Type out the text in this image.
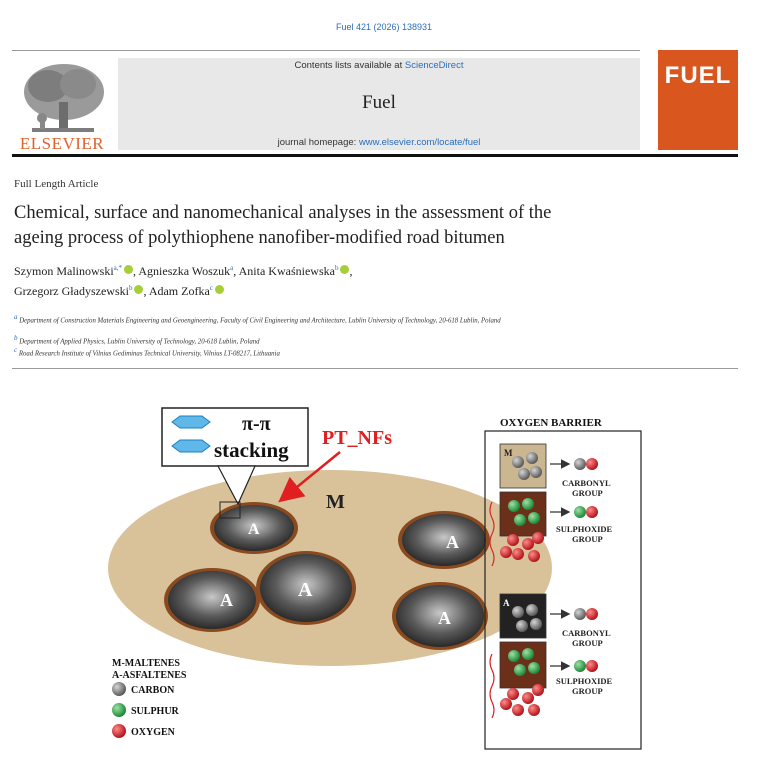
Fuel 421 (2026) 138931
ELSEVIER
Contents lists available at ScienceDirect
Fuel
journal homepage: www.elsevier.com/locate/fuel
FUEL
Full Length Article
Chemical, surface and nanomechanical analyses in the assessment of the
ageing process of polythiophene nanofiber-modified road bitumen
Szymon Malinowski$^{a,*}$ , Agnieszka Woszuk$^a$, Anita Kwaśniewska$^b$ ,
Grzegorz Gładyszewski$^b$ , Adam Zofka$^c$
$^a$ Department of Construction Materials Engineering and Geoengineering, Faculty of Civil Engineering and Architecture, Lublin University of Technology, 20-618 Lublin, Poland
$^b$ Department of Applied Physics, Lublin University of Technology, 20-618 Lublin, Poland
$^c$ Road Research Institute of Vilnius Gediminas Technical University, Vilnius LT-08217, Lithuania
M
A
A
A
A
A
π-π
stacking PT_NFs
OXYGEN BARRIER
M
CARBONYL
GROUP
SULPHOXIDE
GROUP
A
CARBONYL
GROUP
SULPHOXIDE
GROUP
M-MALTENES
A-ASFALTENES
CARBON
SULPHUR
OXYGEN
